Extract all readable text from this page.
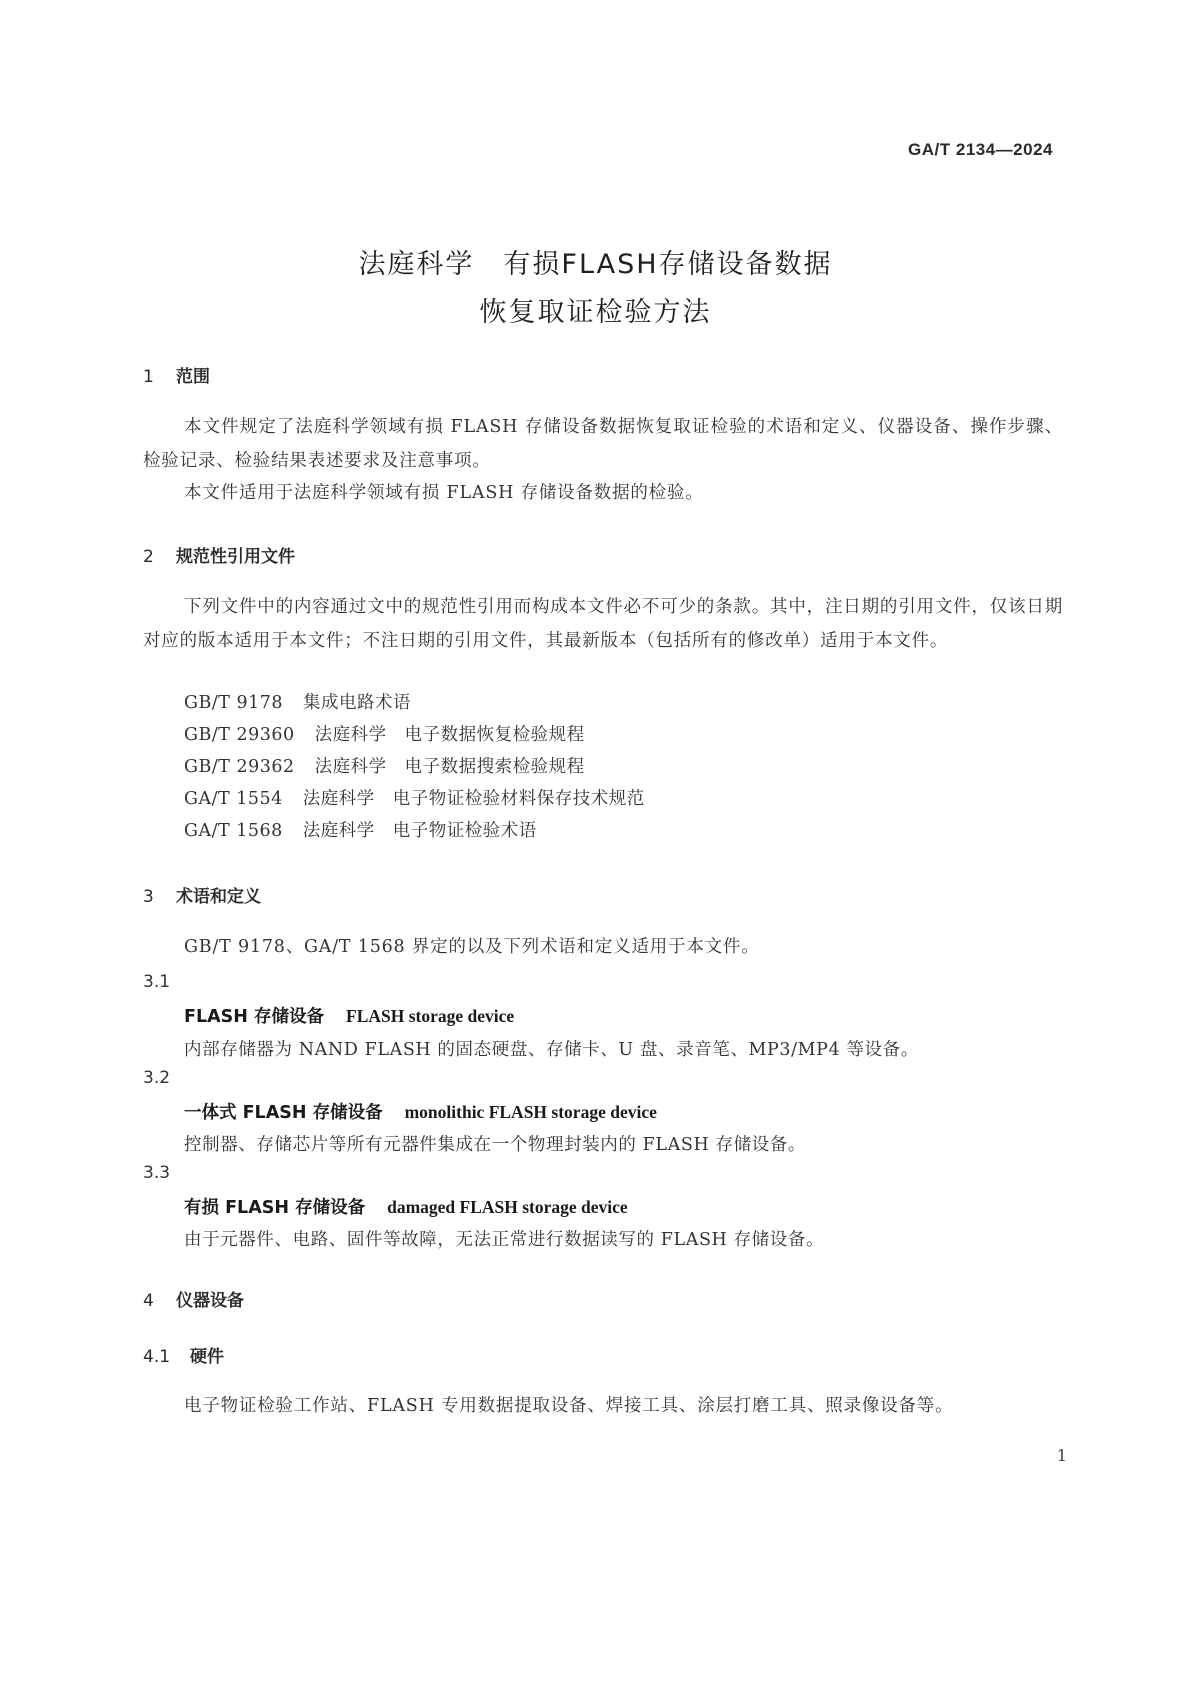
GA/T 2134—2024
法庭科学　有损FLASH存储设备数据
恢复取证检验方法
1 范围
本文件规定了法庭科学领域有损 FLASH 存储设备数据恢复取证检验的术语和定义、仪器设备、操作步骤、检验记录、检验结果表述要求及注意事项。
本文件适用于法庭科学领域有损 FLASH 存储设备数据的检验。
2 规范性引用文件
下列文件中的内容通过文中的规范性引用而构成本文件必不可少的条款。其中，注日期的引用文件，仅该日期对应的版本适用于本文件；不注日期的引用文件，其最新版本（包括所有的修改单）适用于本文件。
GB/T 9178 集成电路术语
GB/T 29360 法庭科学　电子数据恢复检验规程
GB/T 29362 法庭科学　电子数据搜索检验规程
GA/T 1554 法庭科学　电子物证检验材料保存技术规范
GA/T 1568 法庭科学　电子物证检验术语
3 术语和定义
GB/T 9178、GA/T 1568 界定的以及下列术语和定义适用于本文件。
3.1
FLASH 存储设备 FLASH storage device
内部存储器为 NAND FLASH 的固态硬盘、存储卡、U 盘、录音笔、MP3/MP4 等设备。
3.2
一体式 FLASH 存储设备 monolithic FLASH storage device
控制器、存储芯片等所有元器件集成在一个物理封装内的 FLASH 存储设备。
3.3
有损 FLASH 存储设备 damaged FLASH storage device
由于元器件、电路、固件等故障，无法正常进行数据读写的 FLASH 存储设备。
4 仪器设备
4.1 硬件
电子物证检验工作站、FLASH 专用数据提取设备、焊接工具、涂层打磨工具、照录像设备等。
1
